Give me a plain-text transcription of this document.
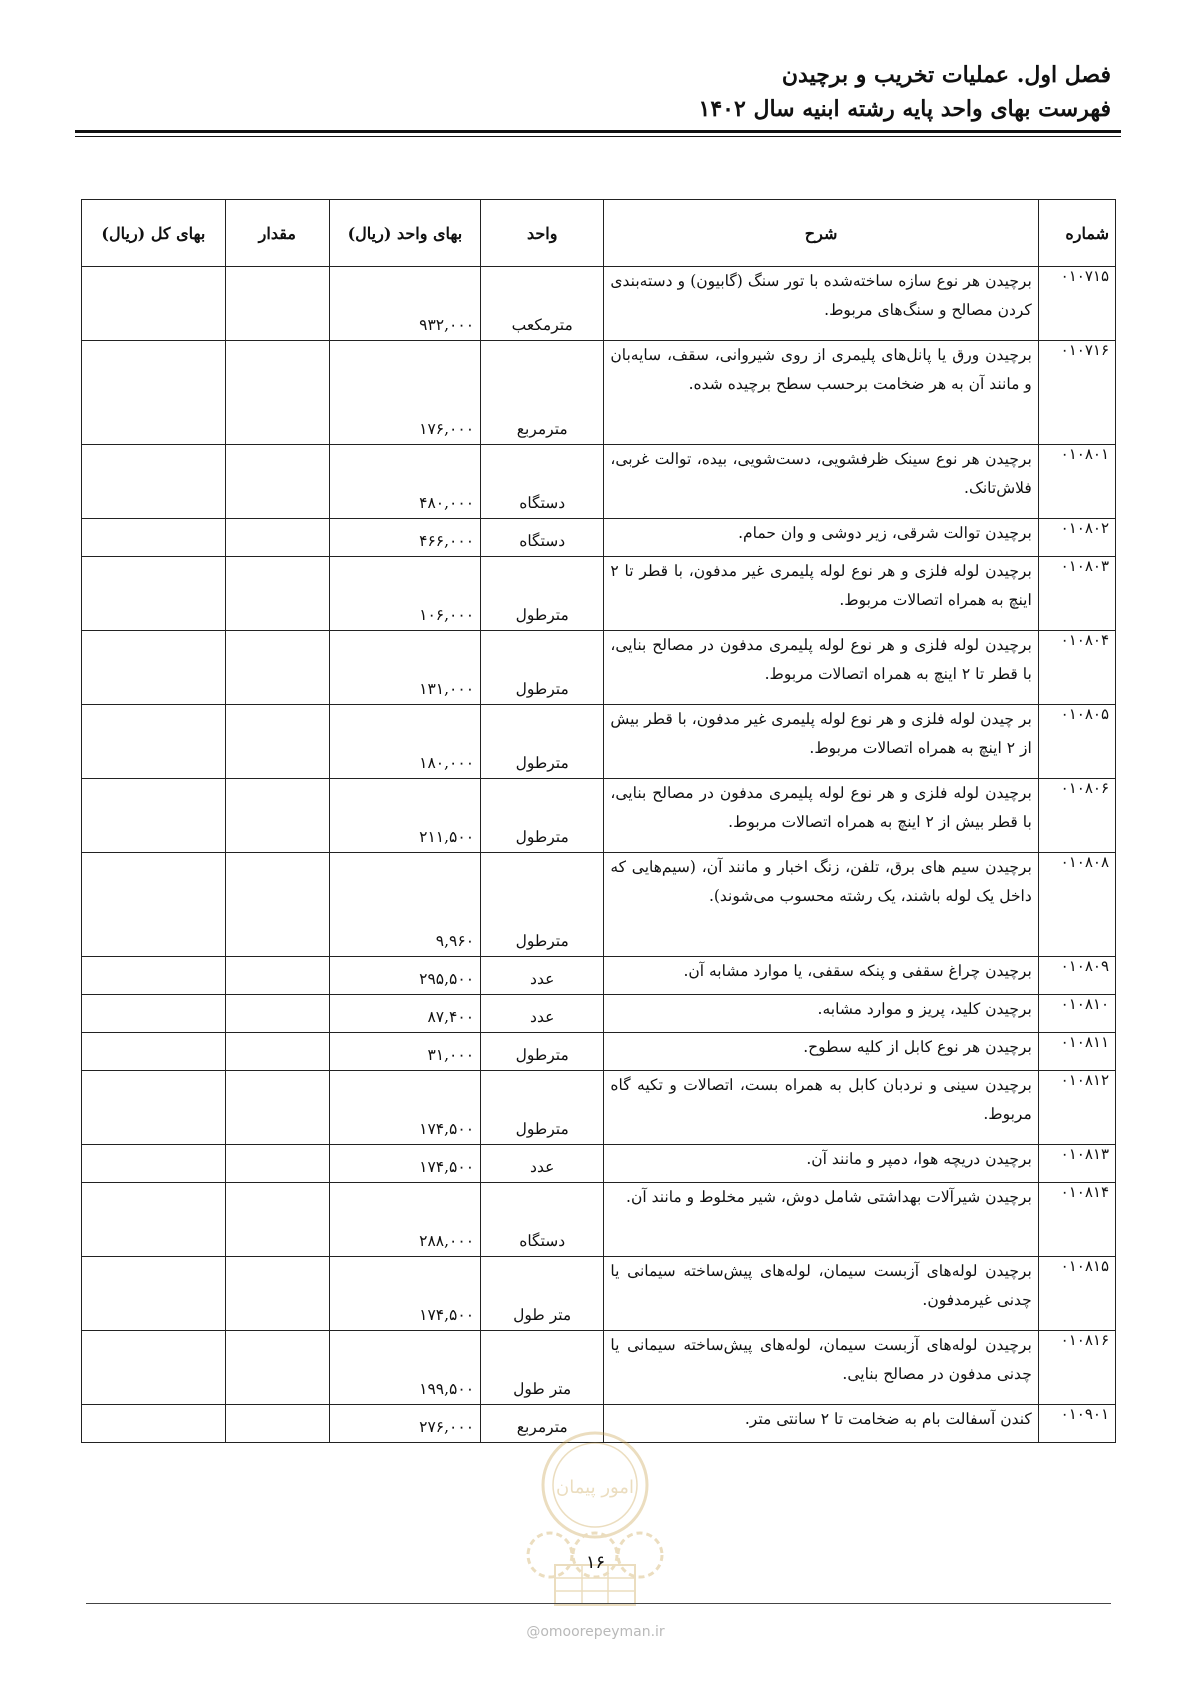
فصل اول. عملیات تخریب و برچیدن
فهرست بهای واحد پایه رشته ابنیه سال ۱۴۰۲
شماره	شرح	واحد	بهای واحد (ریال)	مقدار	بهای کل (ریال)
۰۱۰۷۱۵	برچیدن هر نوع سازه ساخته‌شده با تور سنگ (گابیون) و دسته‌بندی کردن مصالح و سنگ‌های مربوط.	مترمکعب	۹۳۲,۰۰۰		
۰۱۰۷۱۶	برچیدن ورق یا پانل‌های پلیمری از روی شیروانی، سقف، سایه‌بان و مانند آن به هر ضخامت برحسب سطح برچیده شده.	مترمربع	۱۷۶,۰۰۰		
۰۱۰۸۰۱	برچیدن هر نوع سینک ظرفشویی، دست‌شویی، بیده، توالت غربی، فلاش‌تانک.	دستگاه	۴۸۰,۰۰۰		
۰۱۰۸۰۲	برچیدن توالت شرقی، زیر دوشی و وان حمام.	دستگاه	۴۶۶,۰۰۰		
۰۱۰۸۰۳	برچیدن لوله فلزی و هر نوع لوله پلیمری غیر مدفون، با قطر تا ۲ اینچ به همراه اتصالات مربوط.	مترطول	۱۰۶,۰۰۰		
۰۱۰۸۰۴	برچیدن لوله فلزی و هر نوع لوله پلیمری مدفون در مصالح بنایی، با قطر تا ۲ اینچ به همراه اتصالات مربوط.	مترطول	۱۳۱,۰۰۰		
۰۱۰۸۰۵	بر چیدن لوله فلزی و هر نوع لوله پلیمری غیر مدفون، با قطر بیش از ۲ اینچ به همراه اتصالات مربوط.	مترطول	۱۸۰,۰۰۰		
۰۱۰۸۰۶	برچیدن لوله فلزی و هر نوع لوله پلیمری مدفون در مصالح بنایی، با قطر بیش از ۲ اینچ به همراه اتصالات مربوط.	مترطول	۲۱۱,۵۰۰		
۰۱۰۸۰۸	برچیدن سیم های برق، تلفن، زنگ اخبار و مانند آن، (سیم‌هایی که داخل یک لوله باشند، یک رشته محسوب می‌شوند).	مترطول	۹,۹۶۰		
۰۱۰۸۰۹	برچیدن چراغ سقفی و پنکه سقفی، یا موارد مشابه آن.	عدد	۲۹۵,۵۰۰		
۰۱۰۸۱۰	برچیدن کلید، پریز و موارد مشابه.	عدد	۸۷,۴۰۰		
۰۱۰۸۱۱	برچیدن هر نوع کابل از کلیه سطوح.	مترطول	۳۱,۰۰۰		
۰۱۰۸۱۲	برچیدن سینی و نردبان کابل به همراه بست، اتصالات و تکیه گاه مربوط.	مترطول	۱۷۴,۵۰۰		
۰۱۰۸۱۳	برچیدن دریچه هوا، دمپر و مانند آن.	عدد	۱۷۴,۵۰۰		
۰۱۰۸۱۴	برچیدن شیرآلات بهداشتی شامل دوش، شیر مخلوط و مانند آن.	دستگاه	۲۸۸,۰۰۰		
۰۱۰۸۱۵	برچیدن لوله‌های آزبست سیمان، لوله‌های پیش‌ساخته سیمانی یا چدنی غیرمدفون.	متر طول	۱۷۴,۵۰۰		
۰۱۰۸۱۶	برچیدن لوله‌های آزبست سیمان، لوله‌های پیش‌ساخته سیمانی یا چدنی مدفون در مصالح بنایی.	متر طول	۱۹۹,۵۰۰		
۰۱۰۹۰۱	کندن آسفالت بام به ضخامت تا ۲ سانتی متر.	مترمربع	۲۷۶,۰۰۰		
امور پیمان
۱۶
@omoorepeyman.ir
